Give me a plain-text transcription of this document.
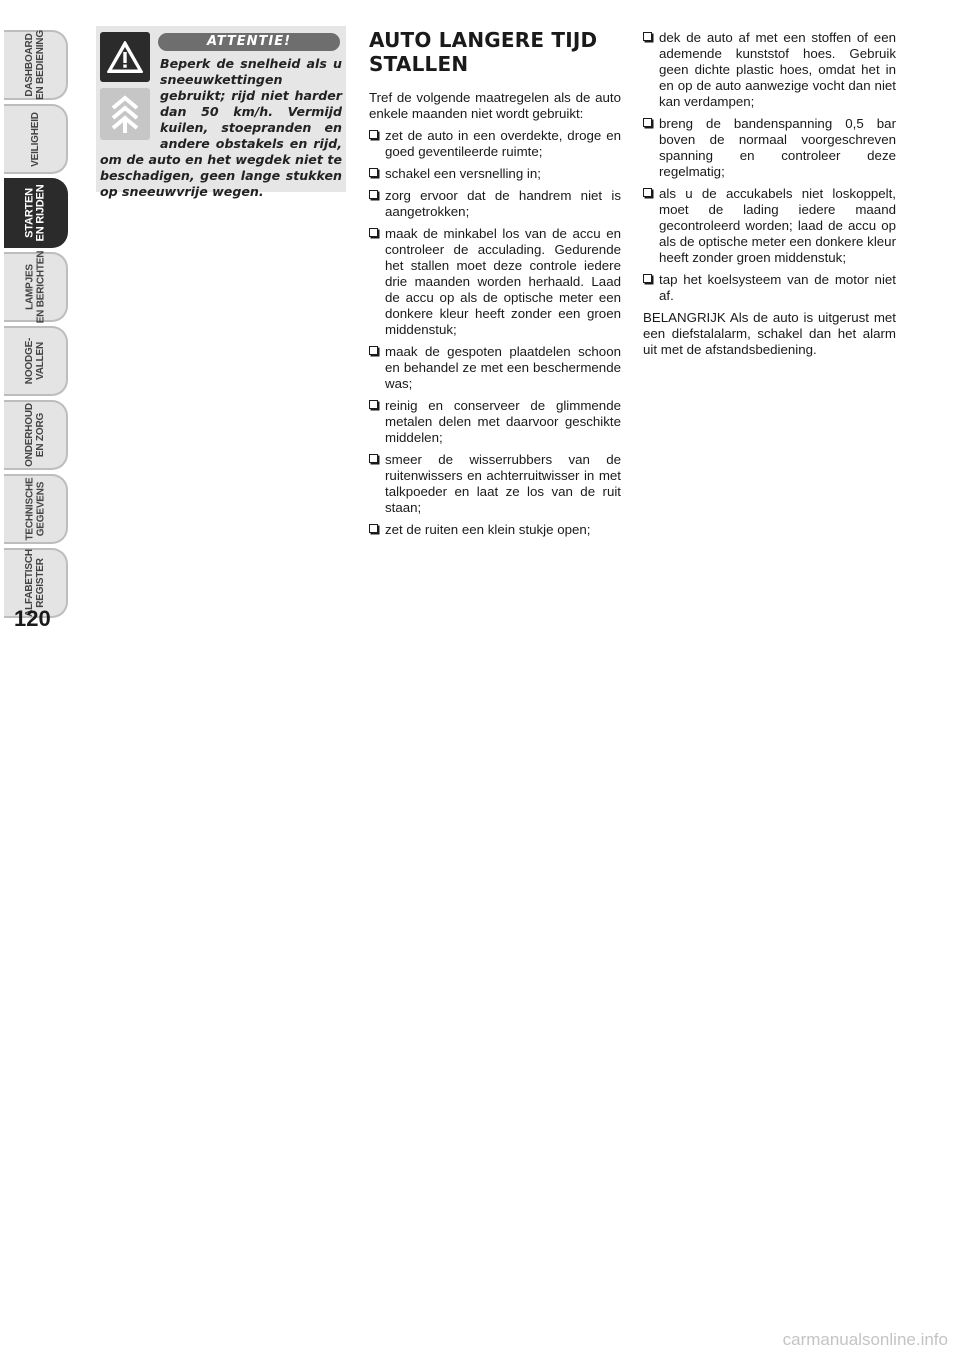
DASHBOARD
EN BEDIENING
VEILIGHEID
STARTEN
EN RIJDEN
LAMPJES
EN BERICHTEN
NOODGE-
VALLEN
ONDERHOUD
EN ZORG
TECHNISCHE
GEGEVENS
ALFABETISCH
REGISTER
120
ATTENTIE!

Beperk de snelheid als u sneeuwkettingen gebruikt; rijd niet harder dan 50 km/h. Vermijd kuilen, stoepranden en andere obstakels en rijd, om de auto en het wegdek niet te beschadigen, geen lange stukken op sneeuwvrije wegen.

AUTO LANGERE TIJD STALLEN

Tref de volgende maatregelen als de auto enkele maanden niet wordt gebruikt:

zet de auto in een overdekte, droge en goed geventileerde ruimte;
schakel een versnelling in;
zorg ervoor dat de handrem niet is aangetrokken;
maak de minkabel los van de accu en controleer de acculading. Gedurende het stallen moet deze controle iedere drie maanden worden herhaald. Laad de accu op als de optische meter een donkere kleur heeft zonder een groen middenstuk;
maak de gespoten plaatdelen schoon en behandel ze met een beschermende was;
reinig en conserveer de glimmende metalen delen met daarvoor geschikte middelen;
smeer de wisserrubbers van de ruitenwissers en achterruitwisser in met talkpoeder en laat ze los van de ruit staan;
zet de ruiten een klein stukje open;
dek de auto af met een stoffen of een ademende kunststof hoes. Gebruik geen dichte plastic hoes, omdat het in en op de auto aanwezige vocht dan niet kan verdampen;
breng de bandenspanning 0,5 bar boven de normaal voorgeschreven spanning en controleer deze regelmatig;
als u de accukabels niet loskoppelt, moet de lading iedere maand gecontroleerd worden; laad de accu op als de optische meter een donkere kleur heeft zonder groen middenstuk;
tap het koelsysteem van de motor niet af.

BELANGRIJK Als de auto is uitgerust met een diefstalalarm, schakel dan het alarm uit met de afstandsbediening.

carmanualsonline.info
